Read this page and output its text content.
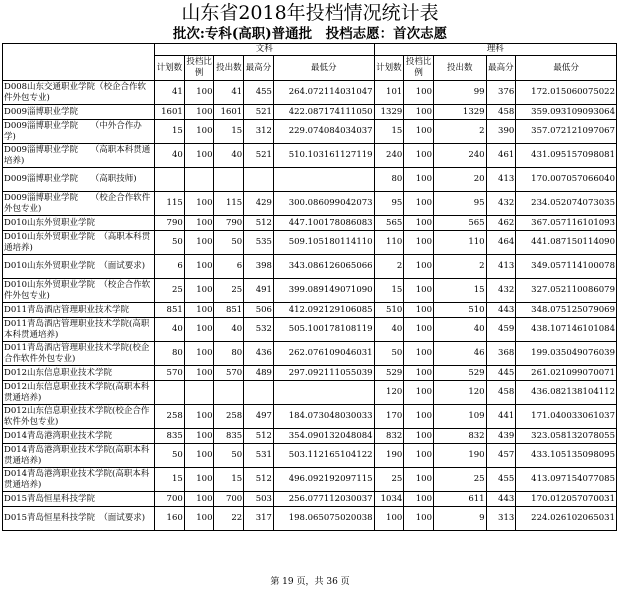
山东省2018年投档情况统计表
批次:专科(高职)普通批　投档志愿：首次志愿
	文科					理科				
	计划数	投档比例	投出数	最高分	最低分	计划数	投档比例	投出数	最高分	最低分
D008山东交通职业学院（校企合作软件外包专业)	41	100	41	455	264.072114031047	101	100	99	376	172.015060075022
D009淄博职业学院	1601	100	1601	521	422.087174111050	1329	100	1329	458	359.093109093064
D009淄博职业学院　　（中外合作办学)	15	100	15	312	229.074084034037	15	100	2	390	357.072121097067
D009淄博职业学院　　（高职本科贯通培养)	40	100	40	521	510.103161127119	240	100	240	461	431.095157098081
D009淄博职业学院　　（高职技师)						80	100	20	413	170.007057066040
D009淄博职业学院　　（校企合作软件外包专业)	115	100	115	429	300.086099042073	95	100	95	432	234.052074073035
D010山东外贸职业学院	790	100	790	512	447.100178086083	565	100	565	462	367.057116101093
D010山东外贸职业学院　（高职本科贯通培养)	50	100	50	535	509.105180114110	110	100	110	464	441.087150114090
D010山东外贸职业学院　（面试要求)	6	100	6	398	343.086126065066	2	100	2	413	349.057114100078
D010山东外贸职业学院　（校企合作软件外包专业)	25	100	25	491	399.089149071090	15	100	15	432	327.052110086079
D011青岛酒店管理职业技术学院	851	100	851	506	412.092129106085	510	100	510	443	348.075125079069
D011青岛酒店管理职业技术学院(高职本科贯通培养)	40	100	40	532	505.100178108119	40	100	40	459	438.107146101084
D011青岛酒店管理职业技术学院(校企合作软件外包专业)	80	100	80	436	262.076109046031	50	100	46	368	199.035049076039
D012山东信息职业技术学院	570	100	570	489	297.092111055039	529	100	529	445	261.021099070071
D012山东信息职业技术学院(高职本科贯通培养)						120	100	120	458	436.082138104112
D012山东信息职业技术学院(校企合作软件外包专业)	258	100	258	497	184.073048030033	170	100	109	441	171.040033061037
D014青岛港湾职业技术学院	835	100	835	512	354.090132048084	832	100	832	439	323.058132078055
D014青岛港湾职业技术学院(高职本科贯通培养)	50	100	50	531	503.112165104122	190	100	190	457	433.105135098095
D014青岛港湾职业技术学院(高职本科贯通培养)	15	100	15	512	496.092192097115	25	100	25	455	413.097154077085
D015青岛恒星科技学院	700	100	700	503	256.077112030037	1034	100	611	443	170.012057070031
D015青岛恒星科技学院　（面试要求)	160	100	22	317	198.065075020038	100	100	9	313	224.026102065031
第 19 页，共 36 页
